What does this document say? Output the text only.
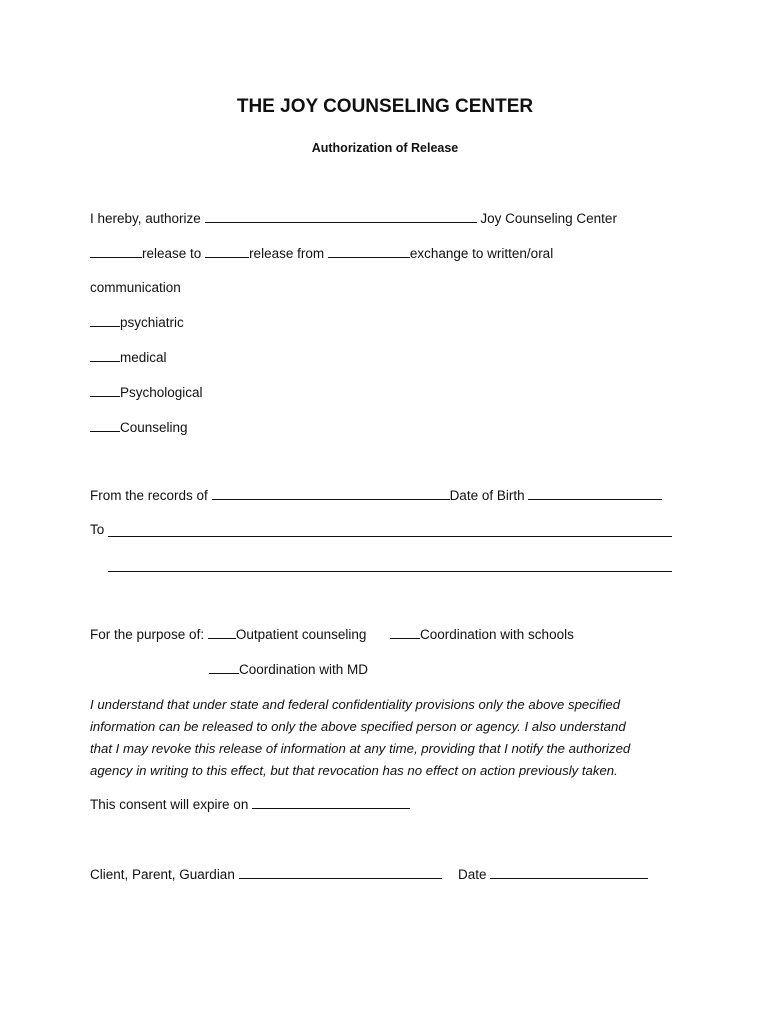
THE JOY COUNSELING CENTER
Authorization of Release
I hereby, authorize	Joy Counseling Center
release to	release from	exchange to written/oral
communication
psychiatric
medical
Psychological
Counseling
From the records of	Date of Birth
To
For the purpose of: Outpatient counseling	Coordination with schools
Coordination with MD
I understand that under state and federal confidentiality provisions only the above specified
information can be released to only the above specified person or agency. I also understand
that I may revoke this release of information at any time, providing that I notify the authorized
agency in writing to this effect, but that revocation has no effect on action previously taken.
This consent will expire on
Client, Parent, Guardian	Date
